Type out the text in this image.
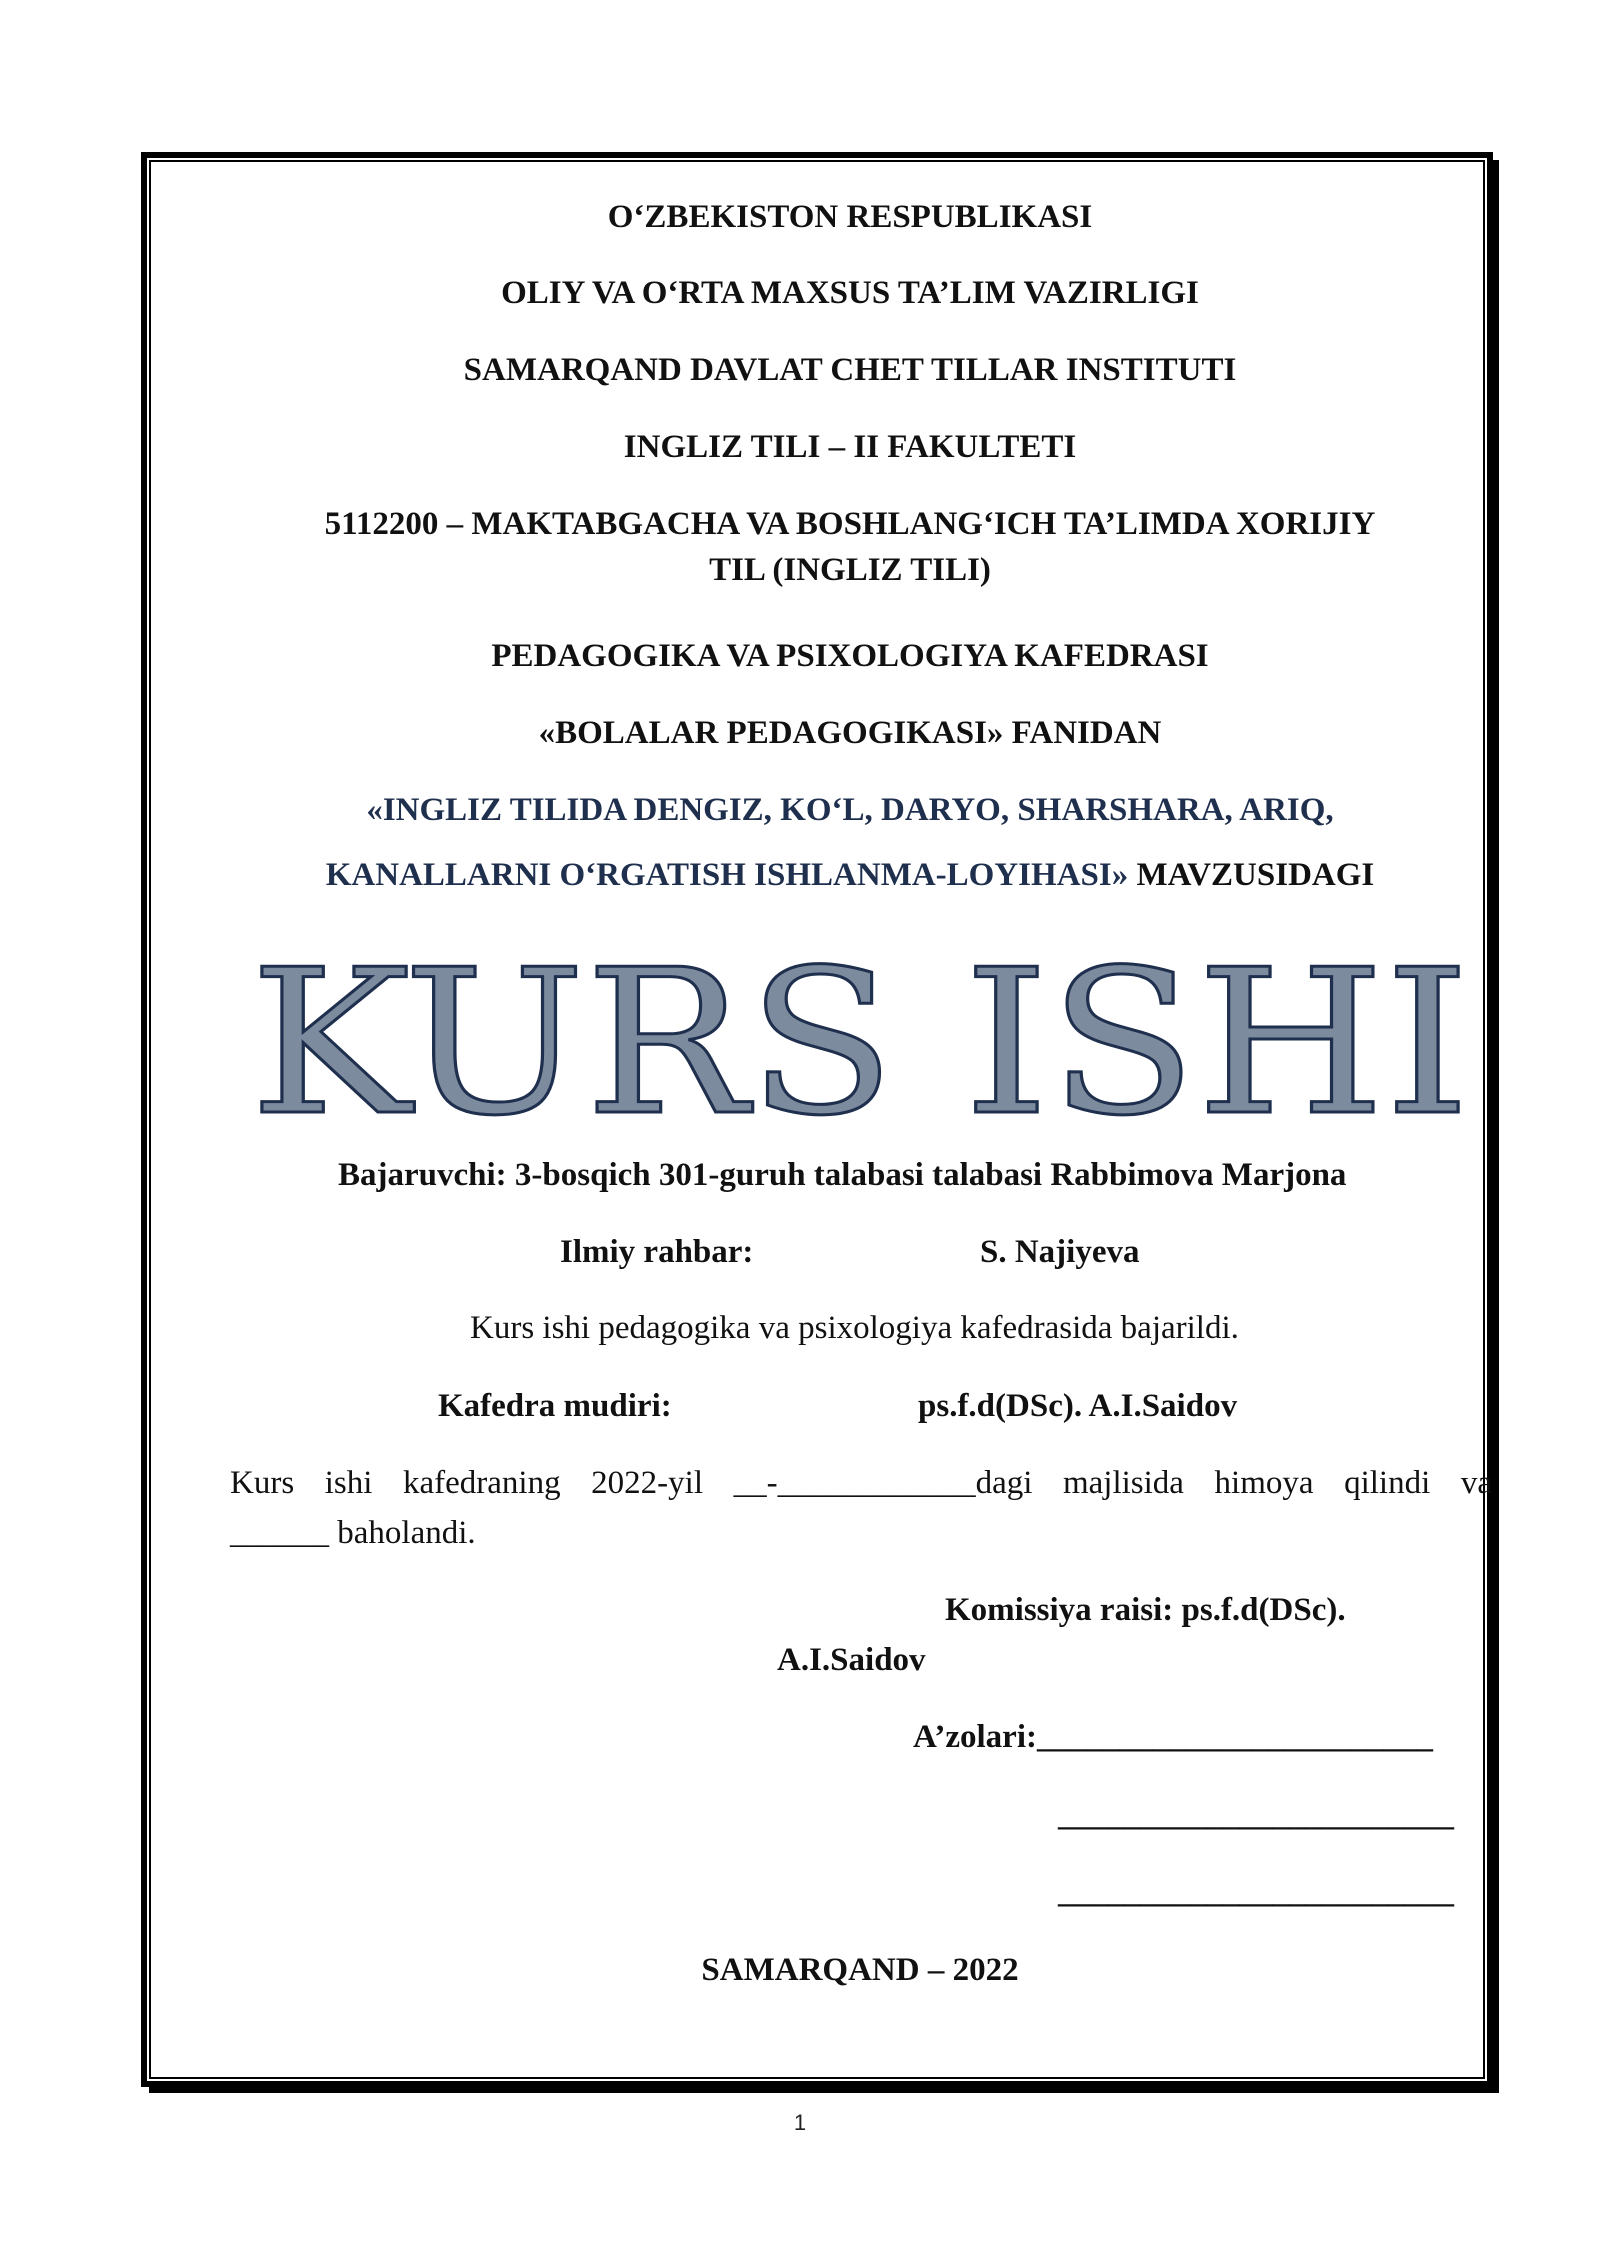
O‘ZBEKISTON RESPUBLIKASI
OLIY VA O‘RTA MAXSUS TA’LIM VAZIRLIGI
SAMARQAND DAVLAT CHET TILLAR INSTITUTI
INGLIZ TILI – II FAKULTETI
5112200 – MAKTABGACHA VA BOSHLANG‘ICH TA’LIMDA XORIJIY
TIL (INGLIZ TILI)
PEDAGOGIKA VA PSIXOLOGIYA KAFEDRASI
«BOLALAR PEDAGOGIKASI» FANIDAN
«INGLIZ TILIDA DENGIZ, KO‘L, DARYO, SHARSHARA, ARIQ,
KANALLARNI O‘RGATISH ISHLANMA-LOYIHASI» MAVZUSIDAGI
KURS ISHI
Bajaruvchi: 3-bosqich 301-guruh talabasi talabasi Rabbimova Marjona
Ilmiy rahbar:	S. Najiyeva
Kurs ishi pedagogika va psixologiya kafedrasida bajarildi.
Kafedra mudiri:	ps.f.d(DSc). A.I.Saidov
Kurs ishi kafedraning 2022-yil __-____________dagi majlisida himoya qilindi va
______ baholandi.
Komissiya raisi: ps.f.d(DSc).
A.I.Saidov
A’zolari:________________________
________________________
________________________
SAMARQAND – 2022
1
